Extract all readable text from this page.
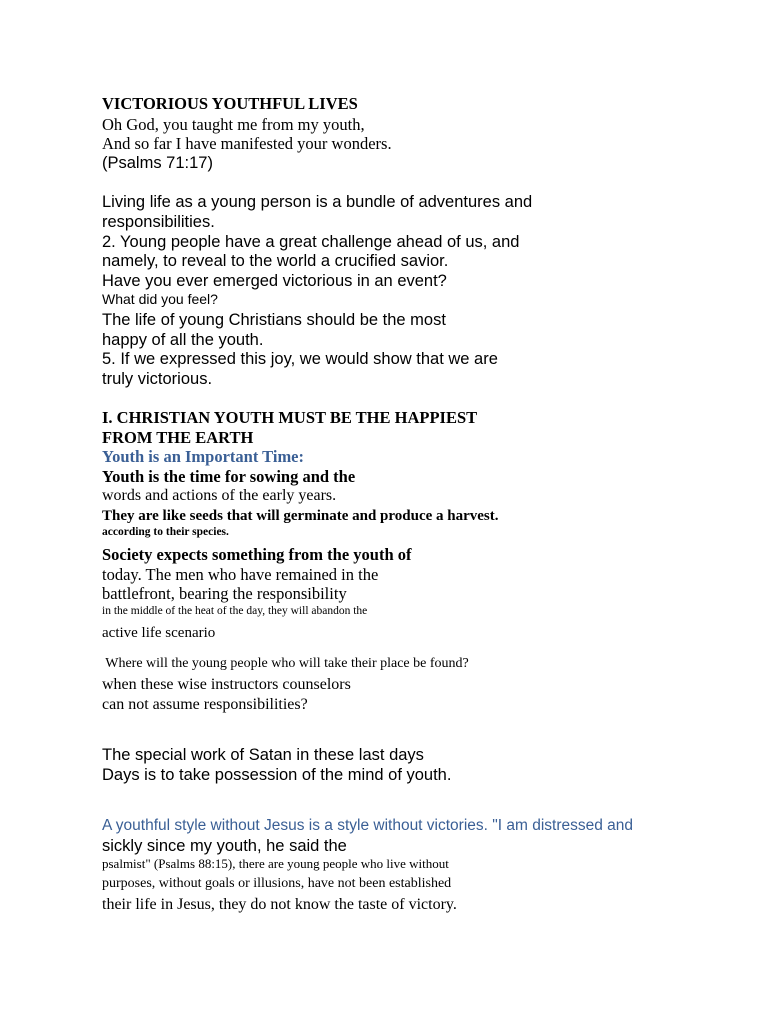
VICTORIOUS YOUTHFUL LIVES
Oh God, you taught me from my youth,
And so far I have manifested your wonders.
(Psalms 71:17)
Living life as a young person is a bundle of adventures and
responsibilities.
2. Young people have a great challenge ahead of us, and
namely, to reveal to the world a crucified savior.
Have you ever emerged victorious in an event?
What did you feel?
The life of young Christians should be the most
happy of all the youth.
5. If we expressed this joy, we would show that we are
truly victorious.
I. CHRISTIAN YOUTH MUST BE THE HAPPIEST
FROM THE EARTH
Youth is an Important Time:
Youth is the time for sowing and the
words and actions of the early years.
They are like seeds that will germinate and produce a harvest.
according to their species.
Society expects something from the youth of
today. The men who have remained in the
battlefront, bearing the responsibility
in the middle of the heat of the day, they will abandon the
active life scenario
Where will the young people who will take their place be found?
when these wise instructors counselors
can not assume responsibilities?
The special work of Satan in these last days
Days is to take possession of the mind of youth.
A youthful style without Jesus is a style without victories. "I am distressed and
sickly since my youth, he said the
psalmist" (Psalms 88:15), there are young people who live without
purposes, without goals or illusions, have not been established
their life in Jesus, they do not know the taste of victory.
